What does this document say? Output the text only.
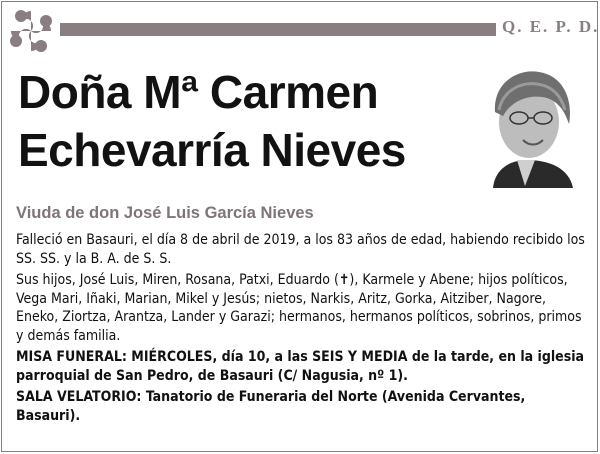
Q. E. P. D.
Doña Mª Carmen
Echevarría Nieves
Viuda de don José Luis García Nieves

Falleció en Basauri, el día 8 de abril de 2019, a los 83 años de edad, habiendo recibido los SS. SS. y la B. A. de S. S.

Sus hijos, José Luis, Miren, Rosana, Patxi, Eduardo (✝), Karmele y Abene; hijos políticos, Vega Mari, Iñaki, Marian, Mikel y Jesús; nietos, Narkis, Aritz, Gorka, Aitziber, Nagore, Eneko, Ziortza, Arantza, Lander y Garazi; hermanos, hermanos políticos, sobrinos, primos y demás familia.

MISA FUNERAL: MIÉRCOLES, día 10, a las SEIS Y MEDIA de la tarde, en la iglesia parroquial de San Pedro, de Basauri (C/ Nagusia, nº 1).

SALA VELATORIO: Tanatorio de Funeraria del Norte (Avenida Cervantes, Basauri).
